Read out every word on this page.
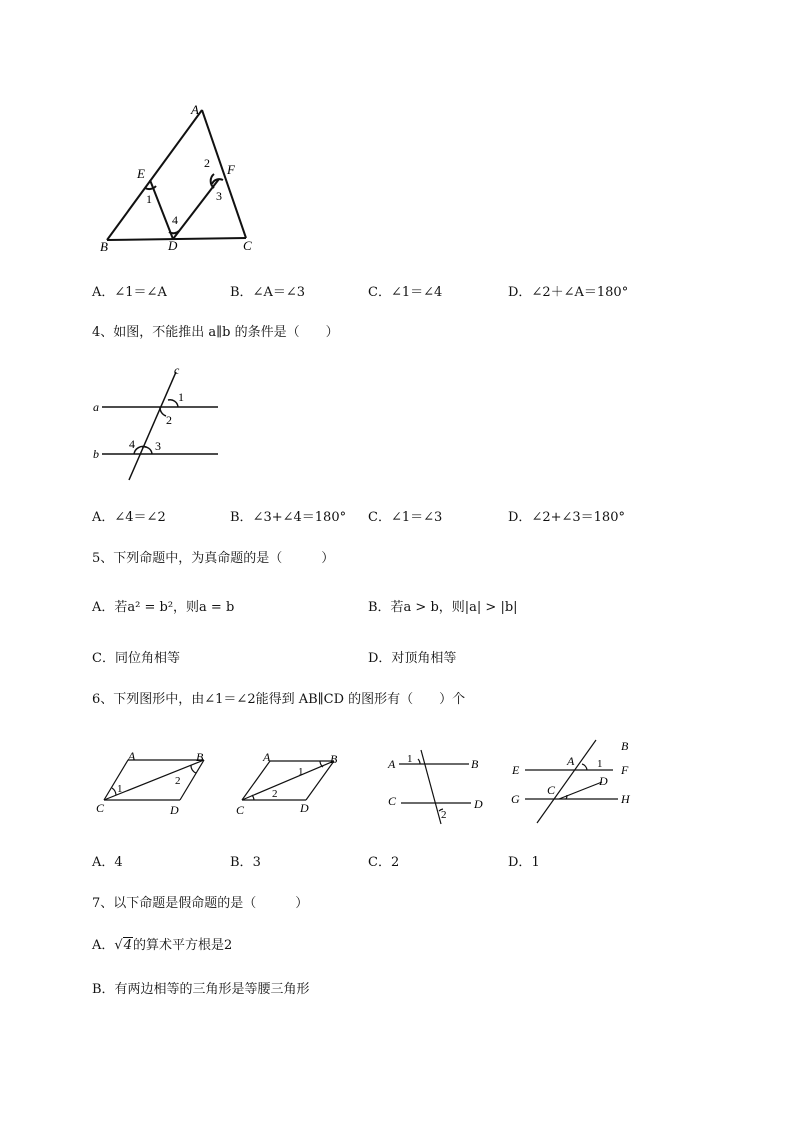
A
E	F
B	D	C
1
2
3
4
A．∠1＝∠A	B．∠A＝∠3	C．∠1＝∠4	D．∠2＋∠A＝180°
4、如图，不能推出 a∥b 的条件是（　　）
c
a
b
1
2
4 3
A．∠4＝∠2	B．∠3+∠4＝180° C．∠1＝∠3	D．∠2+∠3＝180°
5、下列命题中，为真命题的是（　　　）
A．若a² = b²，则a = b	B．若a > b，则|a| > |b|
C．同位角相等	D．对顶角相等
6、下列图形中，由∠1＝∠2能得到 AB∥CD 的图形有（　　）个
A	B
C	D
1
2
A	B
C	D
1
2
A 1	B
C	D
2
B
A 1
E	F
D
C
G	H
A．4	B．3	C．2	D．1
7、以下命题是假命题的是（　　　）
A．√4的算术平方根是2
B．有两边相等的三角形是等腰三角形
